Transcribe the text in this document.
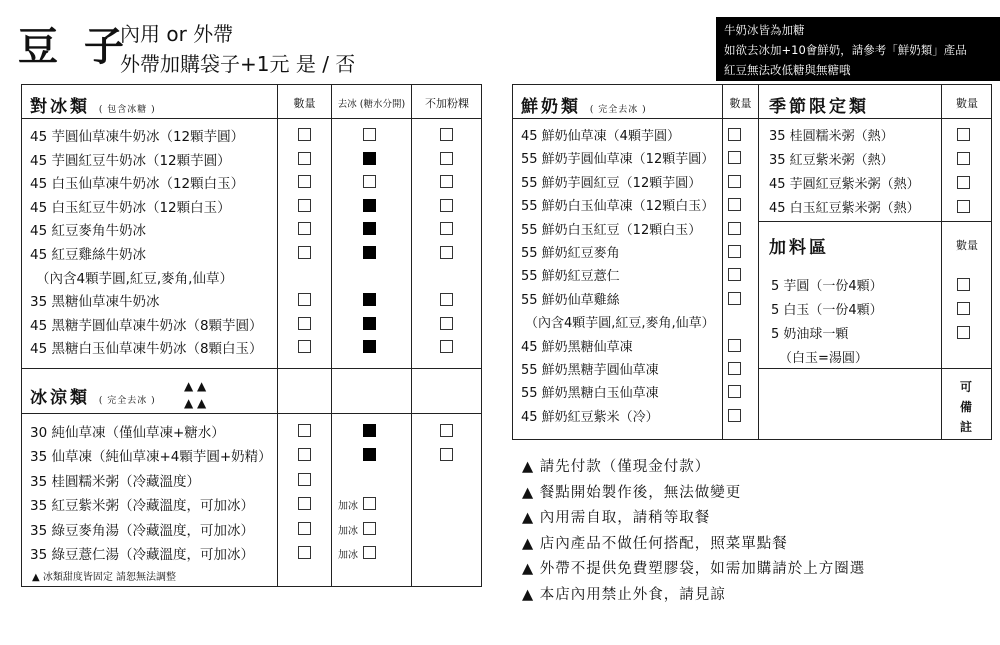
豆 子
內用 or 外帶
外帶加購袋子+1元 是 / 否
牛奶冰皆為加糖
如欲去冰加+10會鮮奶，請參考「鮮奶類」產品
紅豆無法改低糖與無糖哦
對冰類 ( 包含冰糖 )	數量	去冰 (糖水分開)	不加粉粿
45 芋圓仙草凍牛奶冰（12顆芋圓）
45 芋圓紅豆牛奶冰（12顆芋圓）
45 白玉仙草凍牛奶冰（12顆白玉）
45 白玉紅豆牛奶冰（12顆白玉）
45 紅豆麥角牛奶冰
45 紅豆雞絲牛奶冰
（內含4顆芋圓,紅豆,麥角,仙草）
35 黑糖仙草凍牛奶冰
45 黑糖芋圓仙草凍牛奶冰（8顆芋圓）
45 黑糖白玉仙草凍牛奶冰（8顆白玉）
冰涼類 ( 完全去冰 )
▲ ▲
▲ ▲
30 純仙草凍（僅仙草凍+糖水）
35 仙草凍（純仙草凍+4顆芋圓+奶精）
35 桂圓糯米粥（冷藏溫度）
35 紅豆紫米粥（冷藏溫度，可加冰）	加冰
35 綠豆麥角湯（冷藏溫度，可加冰）	加冰
35 綠豆薏仁湯（冷藏溫度，可加冰）	加冰
▲ 冰類甜度皆固定 請恕無法調整
鮮奶類 ( 完全去冰 )	數量	季節限定類	數量
45 鮮奶仙草凍（4顆芋圓）
55 鮮奶芋圓仙草凍（12顆芋圓）
55 鮮奶芋圓紅豆（12顆芋圓）
55 鮮奶白玉仙草凍（12顆白玉）
55 鮮奶白玉紅豆（12顆白玉）
55 鮮奶紅豆麥角
55 鮮奶紅豆薏仁
55 鮮奶仙草雞絲
（內含4顆芋圓,紅豆,麥角,仙草）
45 鮮奶黑糖仙草凍
55 鮮奶黑糖芋圓仙草凍
55 鮮奶黑糖白玉仙草凍
45 鮮奶紅豆紫米（冷）
35 桂圓糯米粥（熱）
35 紅豆紫米粥（熱）
45 芋圓紅豆紫米粥（熱）
45 白玉紅豆紫米粥（熱）
加料區	數量
5 芋圓（一份4顆）
5 白玉（一份4顆）
5 奶油球一顆
（白玉=湯圓）
可備註
▲ 請先付款（僅現金付款）
▲ 餐點開始製作後，無法做變更
▲ 內用需自取，請稍等取餐
▲ 店內產品不做任何搭配，照菜單點餐
▲ 外帶不提供免費塑膠袋，如需加購請於上方圈選
▲ 本店內用禁止外食，請見諒
